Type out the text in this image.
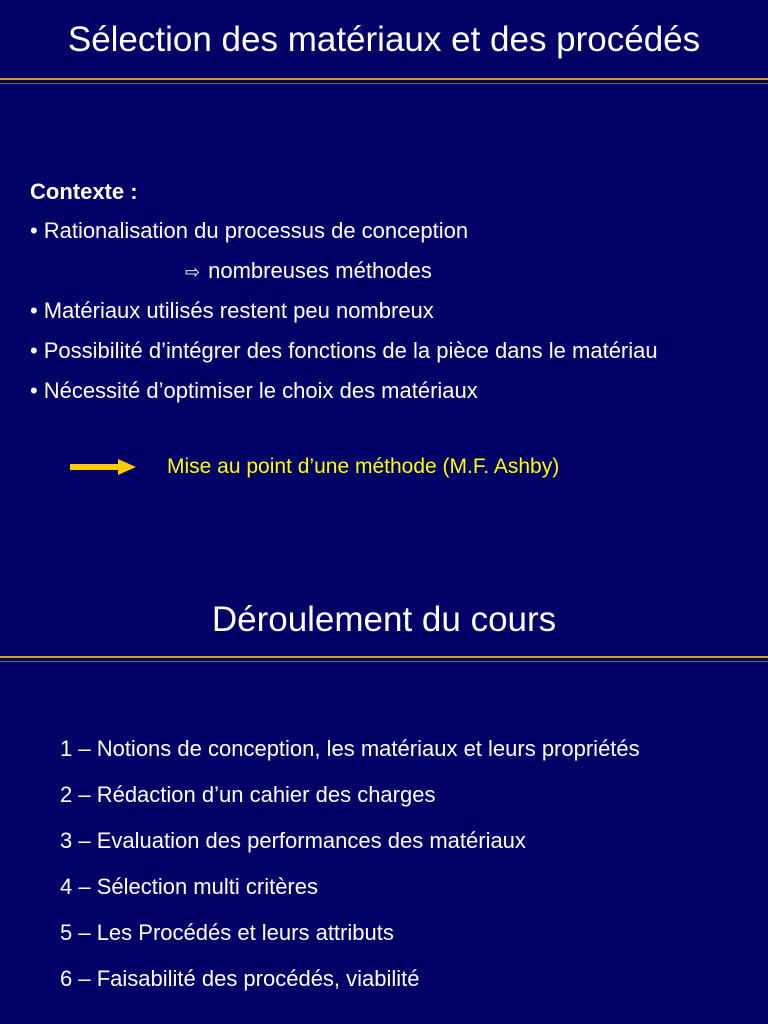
Sélection des matériaux et des procédés
Contexte :
• Rationalisation du processus de conception
⇨ nombreuses méthodes
• Matériaux utilisés restent peu nombreux
• Possibilité d’intégrer des fonctions de la pièce dans le matériau
• Nécessité d’optimiser le choix des matériaux
Mise au point d’une méthode (M.F. Ashby)
Déroulement du cours
1 – Notions de conception, les matériaux et leurs propriétés
2 – Rédaction d’un cahier des charges
3 – Evaluation des performances des matériaux
4 – Sélection multi critères
5 – Les Procédés et leurs attributs
6 – Faisabilité des procédés, viabilité
